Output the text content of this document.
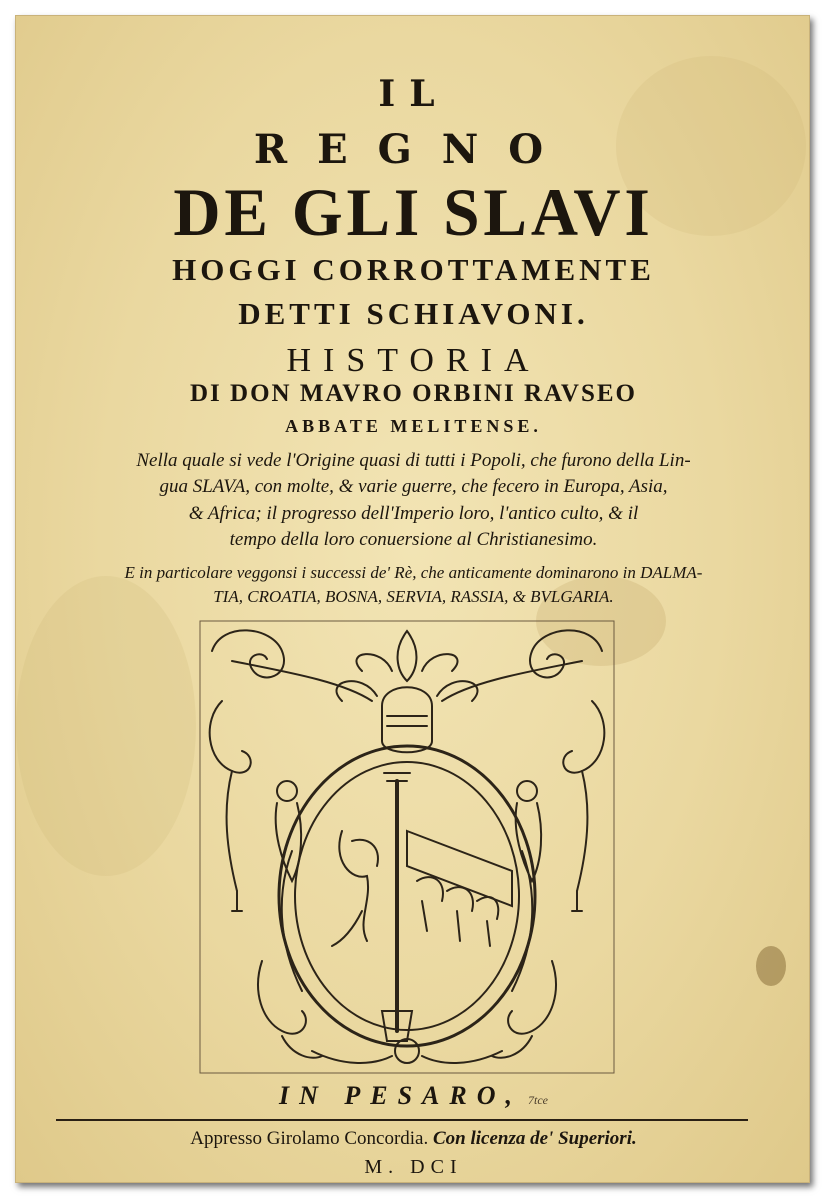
IL
REGNO
DE GLI SLAVI
HOGGI CORROTTAMENTE
DETTI SCHIAVONI.
HISTORIA
DI DON MAVRO ORBINI RAVSEO
ABBATE MELITENSE.
Nella quale si vede l'Origine quasi di tutti i Popoli, che furono della Lin-
gua SLAVA, con molte, & varie guerre, che fecero in Europa, Asia,
& Africa; il progresso dell'Imperio loro, l'antico culto, & il
tempo della loro conuersione al Christianesimo.
E in particolare veggonsi i successi de' Rè, che anticamente dominarono in DALMA-
TIA, CROATIA, BOSNA, SERVIA, RASSIA, & BVLGARIA.
IN PESARO, 7tce
Appresso Girolamo Concordia. Con licenza de' Superiori.
M. DCI
